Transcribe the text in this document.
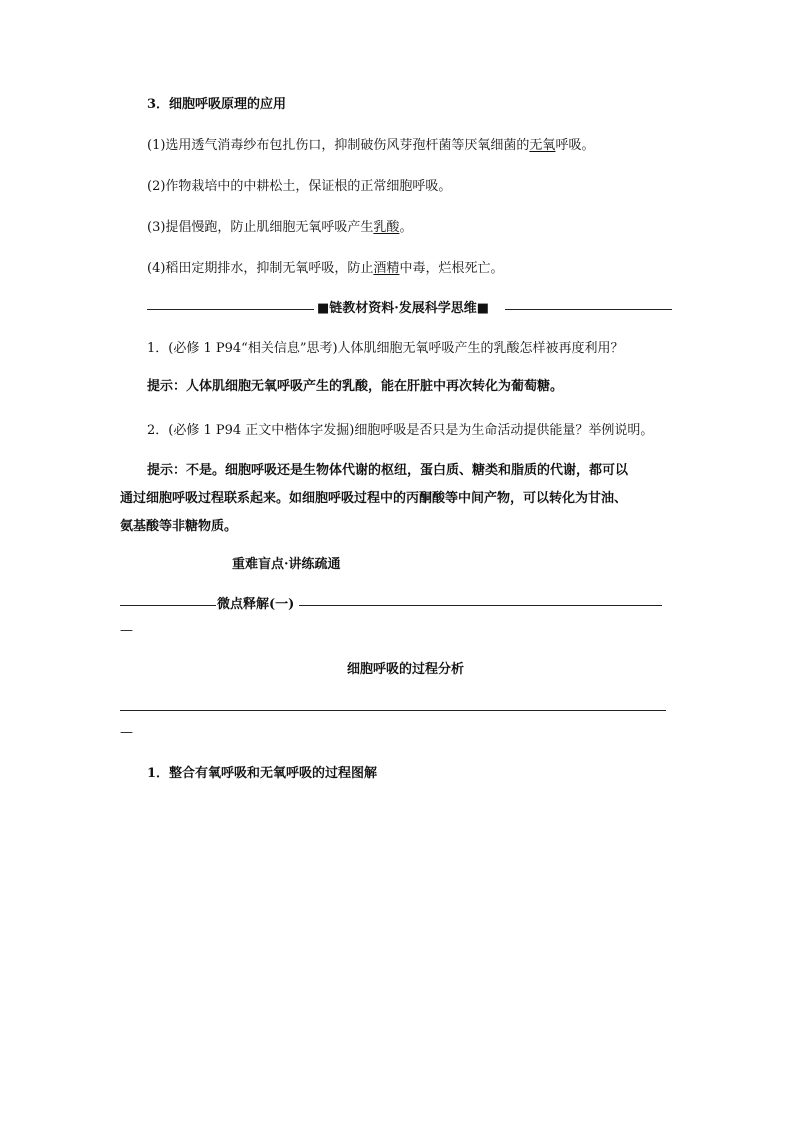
3．细胞呼吸原理的应用
(1)选用透气消毒纱布包扎伤口，抑制破伤风芽孢杆菌等厌氧细菌的无氧呼吸。
(2)作物栽培中的中耕松土，保证根的正常细胞呼吸。
(3)提倡慢跑，防止肌细胞无氧呼吸产生乳酸。
(4)稻田定期排水，抑制无氧呼吸，防止酒精中毒，烂根死亡。
■链教材资料·发展科学思维■
1．(必修 1 P94“相关信息”思考)人体肌细胞无氧呼吸产生的乳酸怎样被再度利用？
提示：人体肌细胞无氧呼吸产生的乳酸，能在肝脏中再次转化为葡萄糖。
2．(必修 1 P94 正文中楷体字发掘)细胞呼吸是否只是为生命活动提供能量？举例说明。
提示：不是。细胞呼吸还是生物体代谢的枢纽，蛋白质、糖类和脂质的代谢，都可以
通过细胞呼吸过程联系起来。如细胞呼吸过程中的丙酮酸等中间产物，可以转化为甘油、
氨基酸等非糖物质。
重难盲点·讲练疏通
微点释解(一)
—
细胞呼吸的过程分析
—
1．整合有氧呼吸和无氧呼吸的过程图解
